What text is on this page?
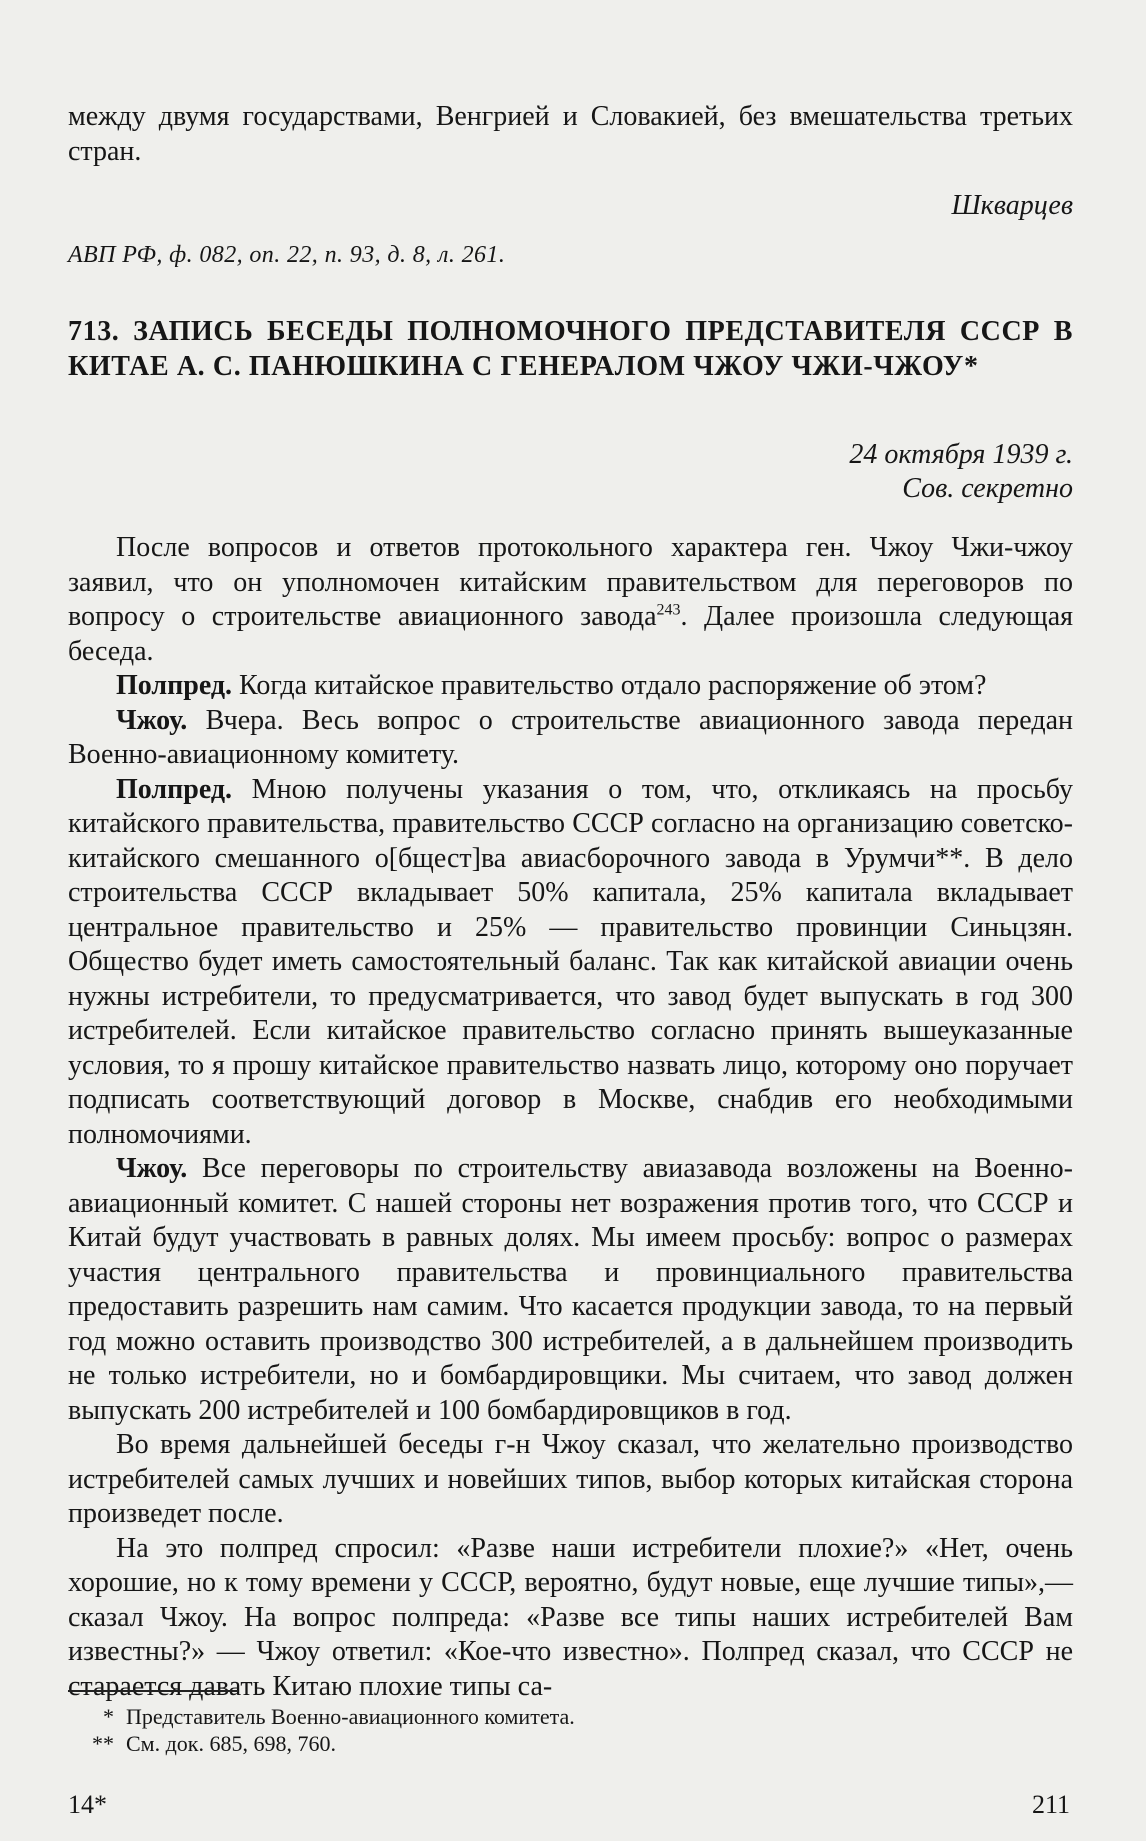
между двумя государствами, Венгрией и Словакией, без вмешательства третьих стран.

Шкварцев
АВП РФ, ф. 082, оп. 22, п. 93, д. 8, л. 261.
713. ЗАПИСЬ БЕСЕДЫ ПОЛНОМОЧНОГО ПРЕДСТАВИТЕЛЯ СССР В КИТАЕ А. С. ПАНЮШКИНА С ГЕНЕРАЛОМ ЧЖОУ ЧЖИ-ЧЖОУ*
24 октября 1939 г.
Сов. секретно

После вопросов и ответов протокольного характера ген. Чжоу Чжи-чжоу заявил, что он уполномочен китайским правительством для переговоров по вопросу о строительстве авиационного завода$^{243}$. Далее произошла следующая беседа.

Полпред. Когда китайское правительство отдало распоряжение об этом?

Чжоу. Вчера. Весь вопрос о строительстве авиационного завода передан Военно-авиационному комитету.

Полпред. Мною получены указания о том, что, откликаясь на просьбу китайского правительства, правительство СССР согласно на организацию советско-китайского смешанного о[бщест]ва авиасборочного завода в Урумчи**. В дело строительства СССР вкладывает 50% капитала, 25% капитала вкладывает центральное правительство и 25% — правительство провинции Синьцзян. Общество будет иметь самостоятельный баланс. Так как китайской авиации очень нужны истребители, то предусматривается, что завод будет выпускать в год 300 истребителей. Если китайское правительство согласно принять вышеуказанные условия, то я прошу китайское правительство назвать лицо, которому оно поручает подписать соответствующий договор в Москве, снабдив его необходимыми полномочиями.

Чжоу. Все переговоры по строительству авиазавода возложены на Военно-авиационный комитет. С нашей стороны нет возражения против того, что СССР и Китай будут участвовать в равных долях. Мы имеем просьбу: вопрос о размерах участия центрального правительства и провинциального правительства предоставить разрешить нам самим. Что касается продукции завода, то на первый год можно оставить производство 300 истребителей, а в дальнейшем производить не только истребители, но и бомбардировщики. Мы считаем, что завод должен выпускать 200 истребителей и 100 бомбардировщиков в год.

Во время дальнейшей беседы г-н Чжоу сказал, что желательно производство истребителей самых лучших и новейших типов, выбор которых китайская сторона произведет после.

На это полпред спросил: «Разве наши истребители плохие?» «Нет, очень хорошие, но к тому времени у СССР, вероятно, будут новые, еще лучшие типы»,— сказал Чжоу. На вопрос полпреда: «Разве все типы наших истребителей Вам известны?» — Чжоу ответил: «Кое-что известно». Полпред сказал, что СССР не старается давать Китаю плохие типы са-

* Представитель Военно-авиационного комитета.
** См. док. 685, 698, 760.
14*	211
